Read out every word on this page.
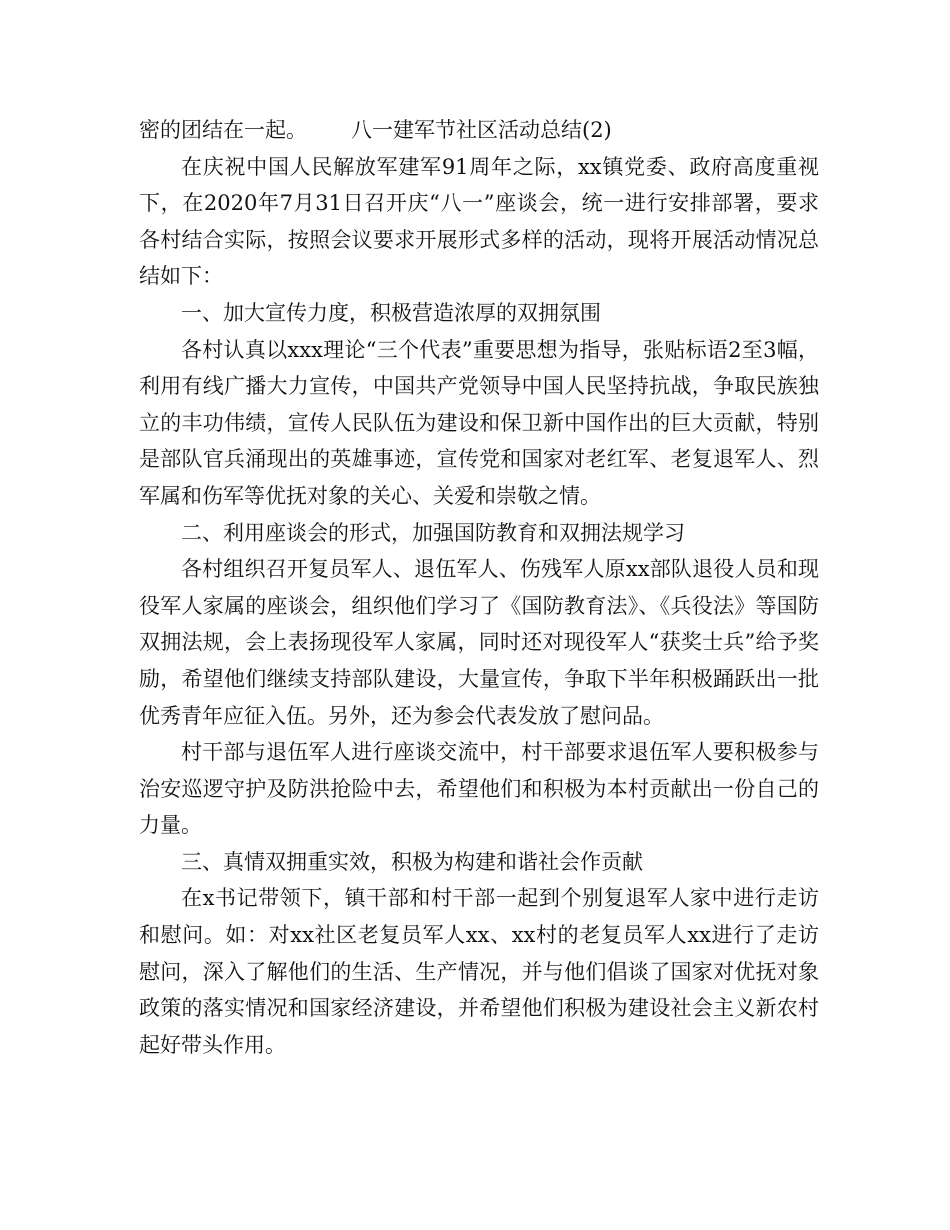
密的团结在一起。 八一建军节社区活动总结(2)

在庆祝中国人民解放军建军91周年之际，xx镇党委、政府高度重视下，在2020年7月31日召开庆“八一”座谈会，统一进行安排部署，要求各村结合实际，按照会议要求开展形式多样的活动，现将开展活动情况总结如下：

一、加大宣传力度，积极营造浓厚的双拥氛围

各村认真以xxx理论“三个代表”重要思想为指导，张贴标语2至3幅，利用有线广播大力宣传，中国共产党领导中国人民坚持抗战，争取民族独立的丰功伟绩，宣传人民队伍为建设和保卫新中国作出的巨大贡献，特别是部队官兵涌现出的英雄事迹，宣传党和国家对老红军、老复退军人、烈军属和伤军等优抚对象的关心、关爱和崇敬之情。

二、利用座谈会的形式，加强国防教育和双拥法规学习

各村组织召开复员军人、退伍军人、伤残军人原xx部队退役人员和现役军人家属的座谈会，组织他们学习了《国防教育法》、《兵役法》等国防双拥法规，会上表扬现役军人家属，同时还对现役军人“获奖士兵”给予奖励，希望他们继续支持部队建设，大量宣传，争取下半年积极踊跃出一批优秀青年应征入伍。另外，还为参会代表发放了慰问品。

村干部与退伍军人进行座谈交流中，村干部要求退伍军人要积极参与治安巡逻守护及防洪抢险中去，希望他们和积极为本村贡献出一份自己的力量。

三、真情双拥重实效，积极为构建和谐社会作贡献

在x书记带领下，镇干部和村干部一起到个别复退军人家中进行走访和慰问。如：对xx社区老复员军人xx、xx村的老复员军人xx进行了走访慰问，深入了解他们的生活、生产情况，并与他们倡谈了国家对优抚对象政策的落实情况和国家经济建设，并希望他们积极为建设社会主义新农村起好带头作用。
